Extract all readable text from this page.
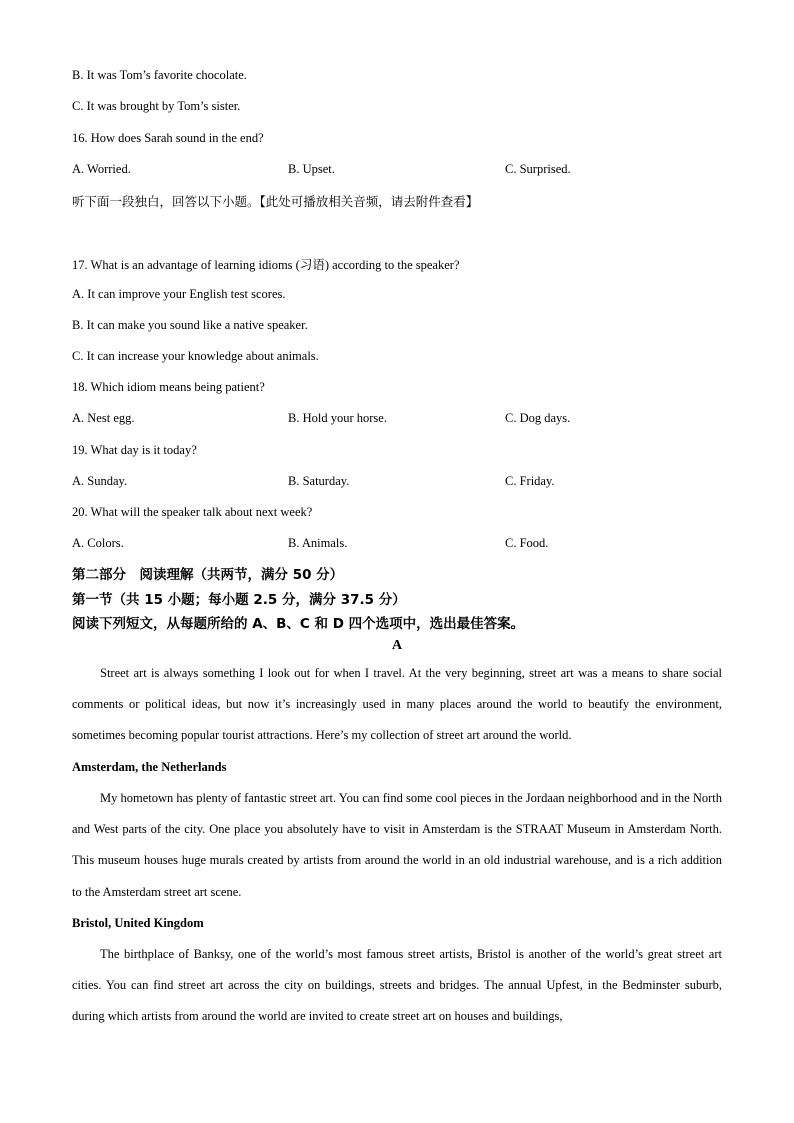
B. It was Tom’s favorite chocolate.
C. It was brought by Tom’s sister.
16. How does Sarah sound in the end?
A. Worried.	B. Upset.	C. Surprised.
听下面一段独白，回答以下小题。【此处可播放相关音频，请去附件查看】
17. What is an advantage of learning idioms (习语) according to the speaker?
A. It can improve your English test scores.
B. It can make you sound like a native speaker.
C. It can increase your knowledge about animals.
18. Which idiom means being patient?
A. Nest egg.	B. Hold your horse.	C. Dog days.
19. What day is it today?
A. Sunday.	B. Saturday.	C. Friday.
20. What will the speaker talk about next week?
A. Colors.	B. Animals.	C. Food.
第二部分　阅读理解（共两节，满分 50 分）
第一节（共 15 小题；每小题 2.5 分，满分 37.5 分）
阅读下列短文，从每题所给的 A、B、C 和 D 四个选项中，选出最佳答案。
A

Street art is always something I look out for when I travel. At the very beginning, street art was a means to share social comments or political ideas, but now it’s increasingly used in many places around the world to beautify the environment, sometimes becoming popular tourist attractions. Here’s my collection of street art around the world.

Amsterdam, the Netherlands

My hometown has plenty of fantastic street art. You can find some cool pieces in the Jordaan neighborhood and in the North and West parts of the city. One place you absolutely have to visit in Amsterdam is the STRAAT Museum in Amsterdam North. This museum houses huge murals created by artists from around the world in an old industrial warehouse, and is a rich addition to the Amsterdam street art scene.

Bristol, United Kingdom

The birthplace of Banksy, one of the world’s most famous street artists, Bristol is another of the world’s great street art cities. You can find street art across the city on buildings, streets and bridges. The annual Upfest, in the Bedminster suburb, during which artists from around the world are invited to create street art on houses and buildings,
